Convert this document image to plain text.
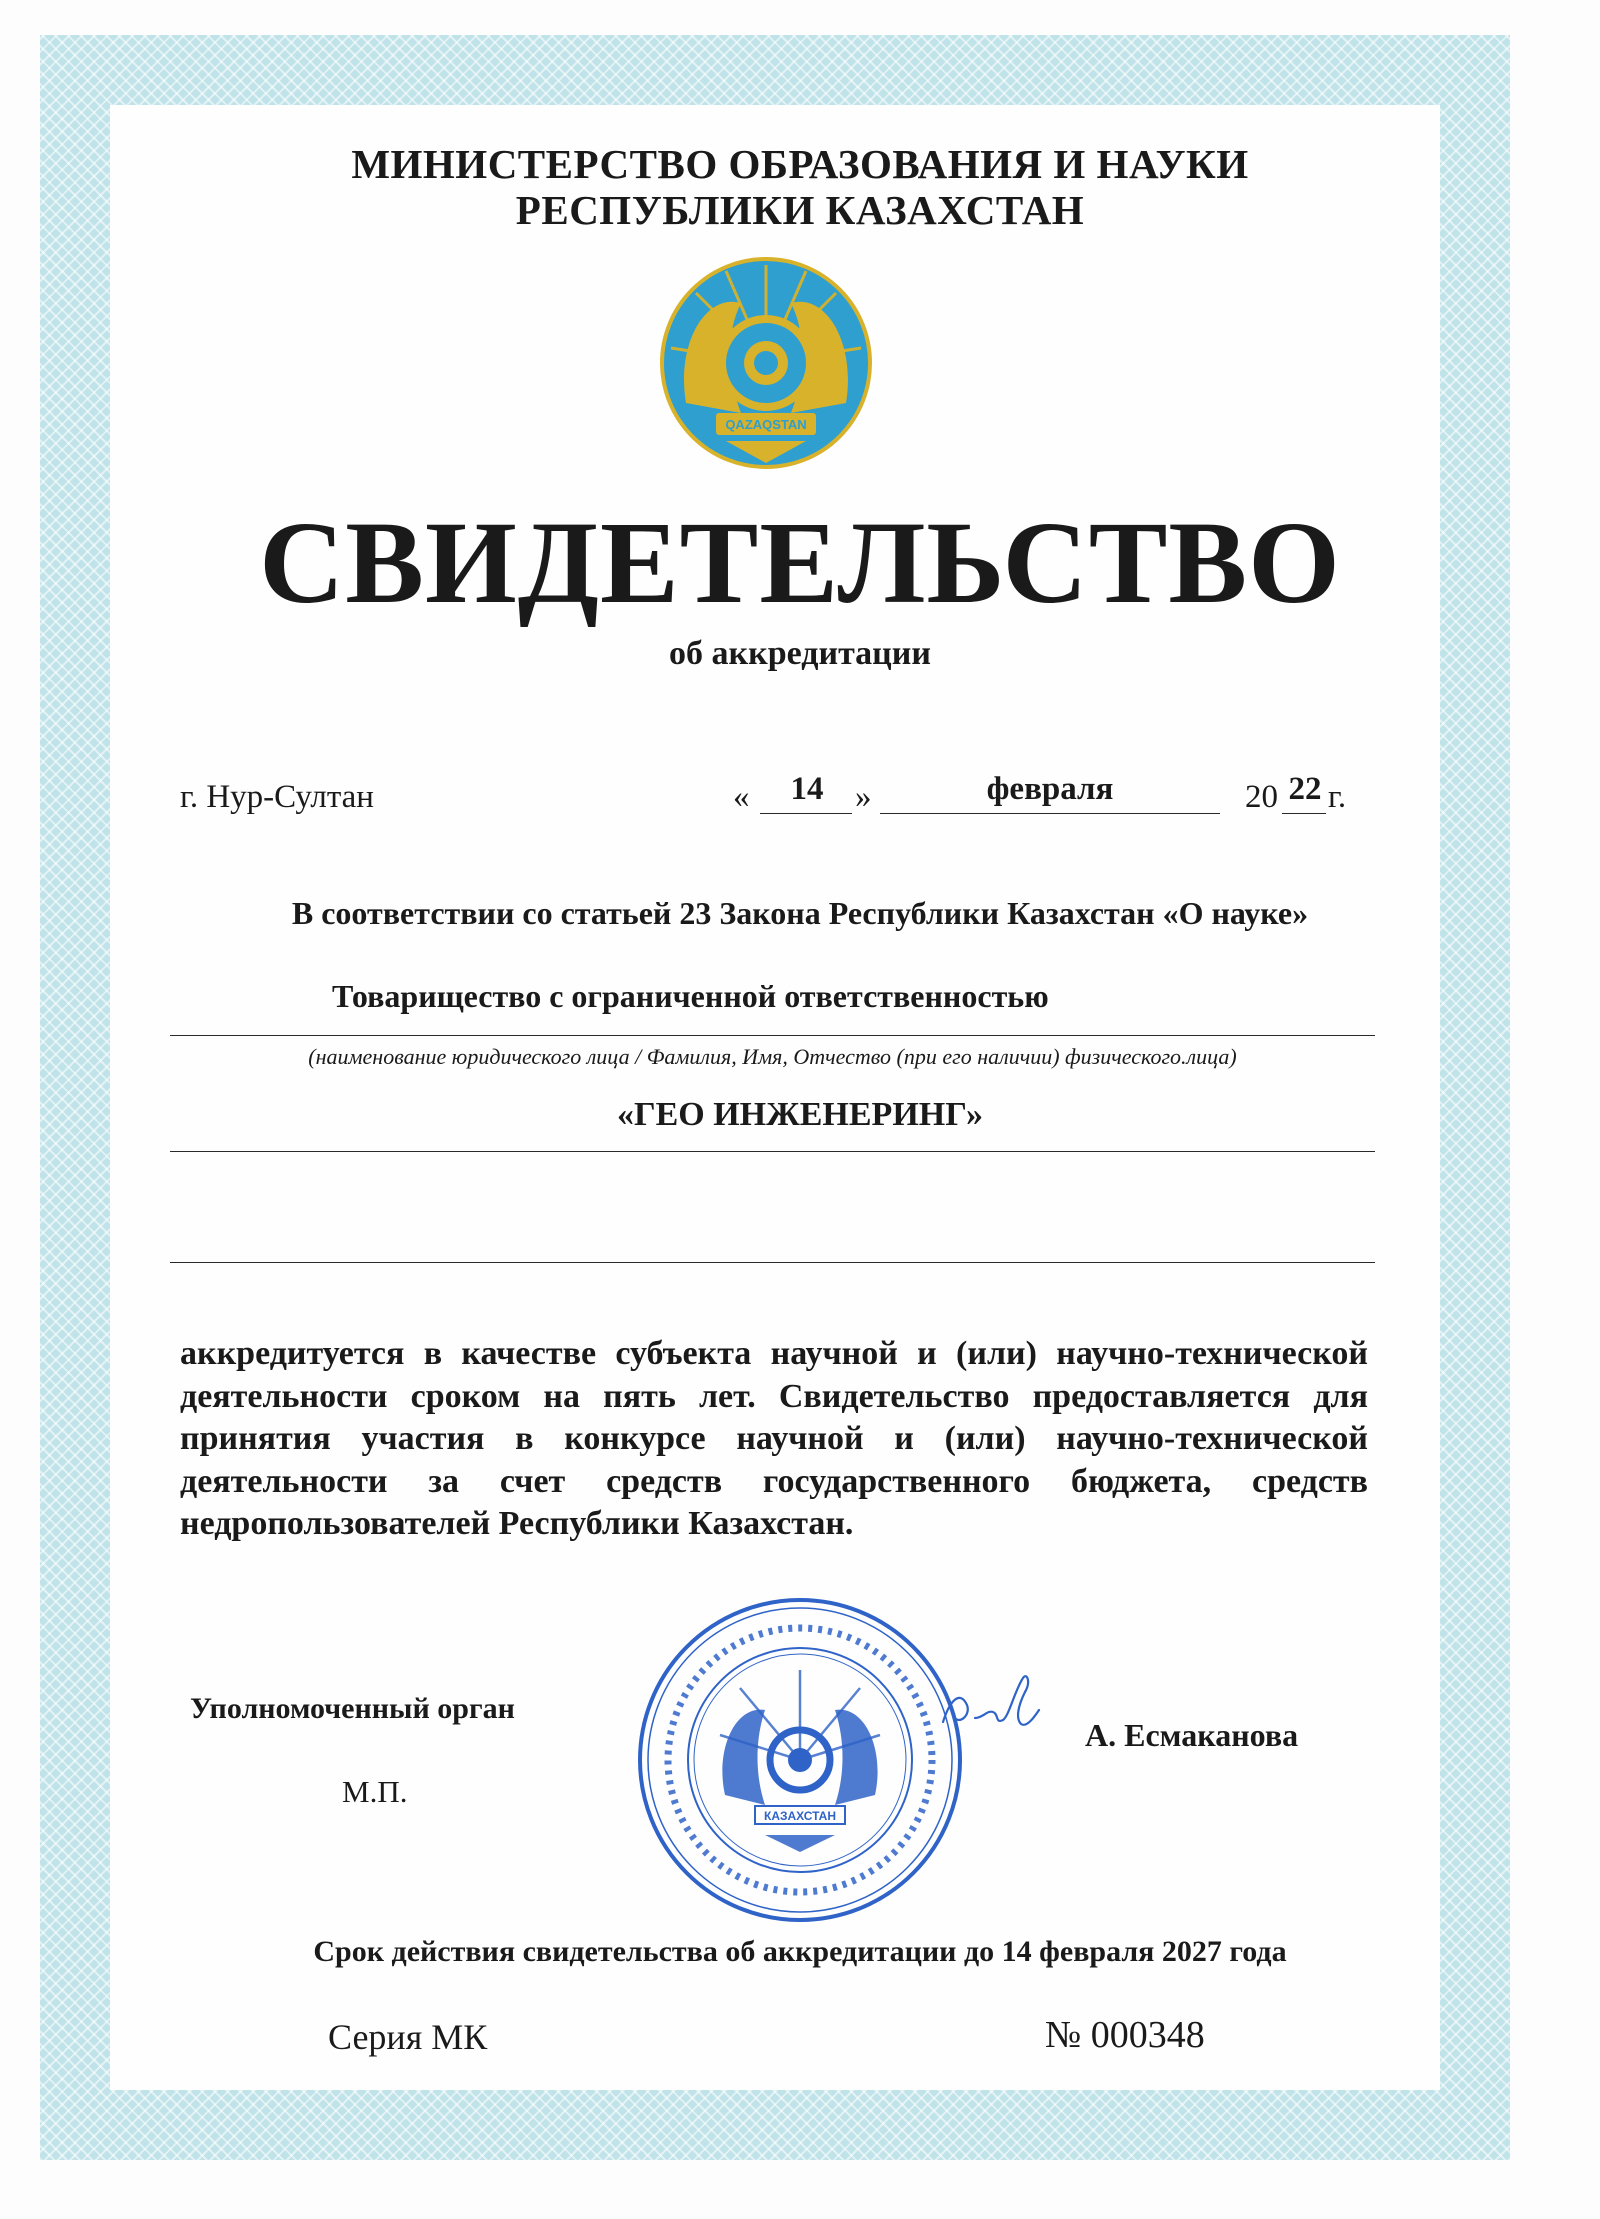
МИНИСТЕРСТВО ОБРАЗОВАНИЯ И НАУКИ
РЕСПУБЛИКИ КАЗАХСТАН
QAZAQSTAN
СВИДЕТЕЛЬСТВО
об аккредитации
г. Нур-Султан	«	14 »	февраля	20 22 г.
В соответствии со статьей 23 Закона Республики Казахстан «О науке»
Товарищество с ограниченной ответственностью
(наименование юридического лица / Фамилия, Имя, Отчество (при его наличии) физического.лица)
«ГЕО ИНЖЕНЕРИНГ»
аккредитуется в качестве субъекта научной и (или) научно-технической деятельности сроком на пять лет. Свидетельство предоставляется для принятия участия в конкурсе научной и (или) научно-технической деятельности за счет средств государственного бюджета, средств недропользователей Республики Казахстан.
Уполномоченный орган
М.П.
А. Есмаканова
КАЗАХСТАН
Срок действия свидетельства об аккредитации до 14 февраля 2027 года
Серия МК	№ 000348
